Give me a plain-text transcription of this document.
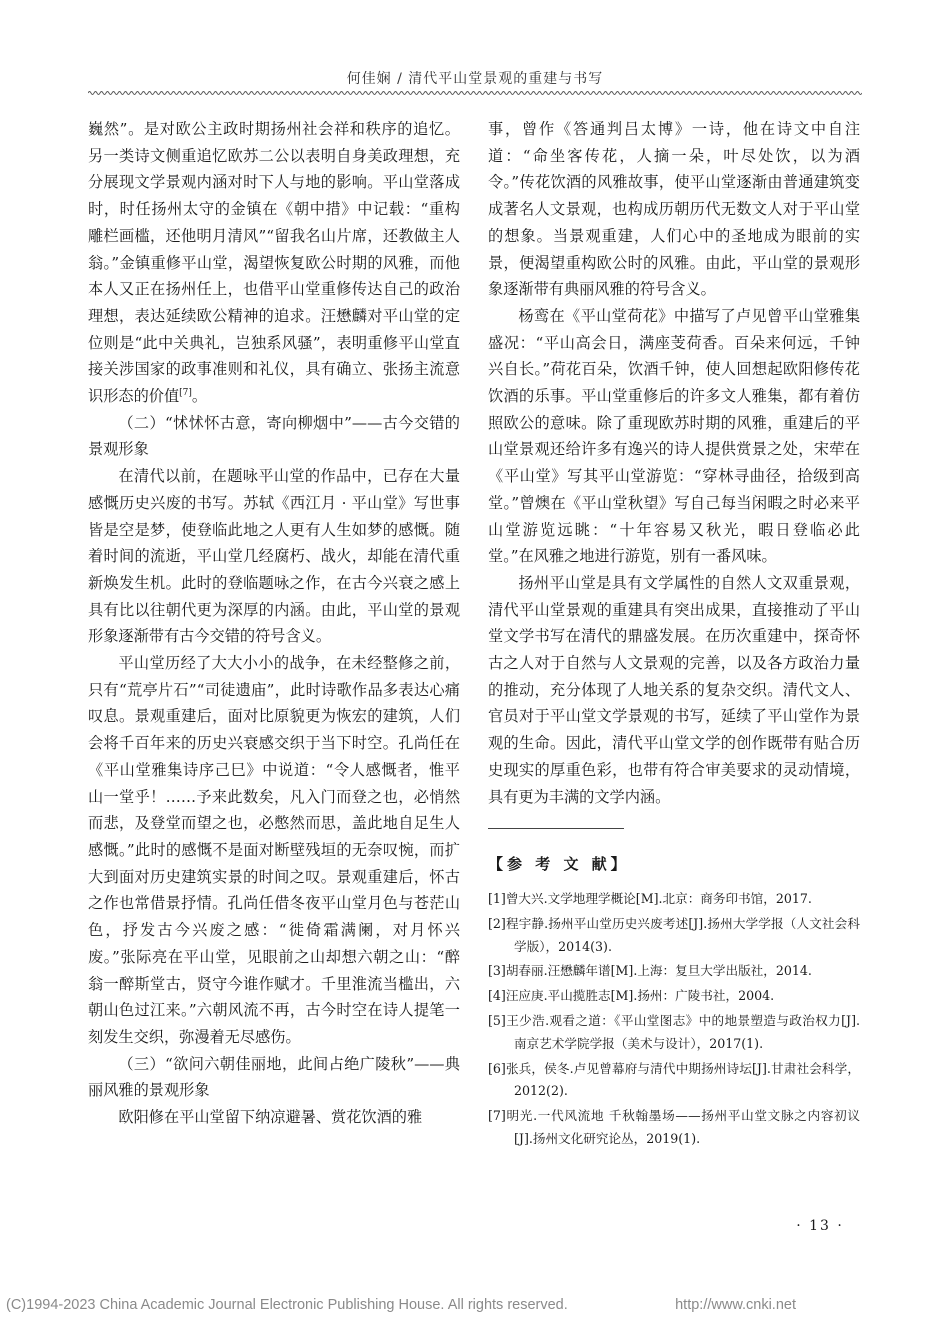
何佳娴 / 清代平山堂景观的重建与书写

巍然”。是对欧公主政时期扬州社会祥和秩序的追忆。另一类诗文侧重追忆欧苏二公以表明自身美政理想，充分展现文学景观内涵对时下人与地的影响。平山堂落成时，时任扬州太守的金镇在《朝中措》中记载：“重构雕栏画槛，还他明月清风”“留我名山片席，还教做主人翁。”金镇重修平山堂，渴望恢复欧公时期的风雅，而他本人又正在扬州任上，也借平山堂重修传达自己的政治理想，表达延续欧公精神的追求。汪懋麟对平山堂的定位则是“此中关典礼，岂独系风骚”，表明重修平山堂直接关涉国家的政事准则和礼仪，具有确立、张扬主流意识形态的价值[7]。

（二）“怵怵怀古意，寄向柳烟中”——古今交错的景观形象

在清代以前，在题咏平山堂的作品中，已存在大量感慨历史兴废的书写。苏轼《西江月 · 平山堂》写世事皆是空是梦，使登临此地之人更有人生如梦的感慨。随着时间的流逝，平山堂几经腐朽、战火，却能在清代重新焕发生机。此时的登临题咏之作，在古今兴衰之感上具有比以往朝代更为深厚的内涵。由此，平山堂的景观形象逐渐带有古今交错的符号含义。

平山堂历经了大大小小的战争，在未经整修之前，只有“荒亭片石”“司徒遗庙”，此时诗歌作品多表达心痛叹息。景观重建后，面对比原貌更为恢宏的建筑，人们会将千百年来的历史兴衰感交织于当下时空。孔尚任在《平山堂雅集诗序己巳》中说道：“令人感慨者，惟平山一堂乎！……予来此数矣，凡入门而登之也，必悄然而悲，及登堂而望之也，必憋然而思，盖此地自足生人感慨。”此时的感慨不是面对断壁残垣的无奈叹惋，而扩大到面对历史建筑实景的时间之叹。景观重建后，怀古之作也常借景抒情。孔尚任借冬夜平山堂月色与苍茫山色，抒发古今兴废之感：“徙倚霜满阑，对月怀兴废。”张际亮在平山堂，见眼前之山却想六朝之山：“醉翁一醉斯堂古，贤守今谁作赋才。千里淮流当槛出，六朝山色过江来。”六朝风流不再，古今时空在诗人提笔一刻发生交织，弥漫着无尽感伤。

（三）“欲问六朝佳丽地，此间占绝广陵秋”——典丽风雅的景观形象

欧阳修在平山堂留下纳凉避暑、赏花饮酒的雅

事，曾作《答通判吕太博》一诗，他在诗文中自注道：“命坐客传花，人摘一朵，叶尽处饮，以为酒令。”传花饮酒的风雅故事，使平山堂逐渐由普通建筑变成著名人文景观，也构成历朝历代无数文人对于平山堂的想象。当景观重建，人们心中的圣地成为眼前的实景，便渴望重构欧公时的风雅。由此，平山堂的景观形象逐渐带有典丽风雅的符号含义。

杨鸾在《平山堂荷花》中描写了卢见曾平山堂雅集盛况：“平山高会日，满座芰荷香。百朵来何远，千钟兴自长。”荷花百朵，饮酒千钟，使人回想起欧阳修传花饮酒的乐事。平山堂重修后的许多文人雅集，都有着仿照欧公的意味。除了重现欧苏时期的风雅，重建后的平山堂景观还给许多有逸兴的诗人提供赏景之处，宋荦在《平山堂》写其平山堂游览：“穿林寻曲径，拾级到高堂。”曾燠在《平山堂秋望》写自己每当闲暇之时必来平山堂游览远眺：“十年容易又秋光，暇日登临必此堂。”在风雅之地进行游览，别有一番风味。

扬州平山堂是具有文学属性的自然人文双重景观，清代平山堂景观的重建具有突出成果，直接推动了平山堂文学书写在清代的鼎盛发展。在历次重建中，探奇怀古之人对于自然与人文景观的完善，以及各方政治力量的推动，充分体现了人地关系的复杂交织。清代文人、官员对于平山堂文学景观的书写，延续了平山堂作为景观的生命。因此，清代平山堂文学的创作既带有贴合历史现实的厚重色彩，也带有符合审美要求的灵动情境，具有更为丰满的文学内涵。

【参 考 文 献】
[1]曾大兴.文学地理学概论[M].北京：商务印书馆，2017.
[2]程宇静.扬州平山堂历史兴废考述[J].扬州大学学报（人文社会科学版），2014(3).
[3]胡春丽.汪懋麟年谱[M].上海：复旦大学出版社，2014.
[4]汪应庚.平山揽胜志[M].扬州：广陵书社，2004.
[5]王少浩.观看之道：《平山堂图志》中的地景塑造与政治权力[J].南京艺术学院学报（美术与设计），2017(1).
[6]张兵，侯冬.卢见曾幕府与清代中期扬州诗坛[J].甘肃社会科学，2012(2).
[7]明光.一代风流地 千秋翰墨场——扬州平山堂文脉之内容初议[J].扬州文化研究论丛，2019(1).
· 13 ·
(C)1994-2023 China Academic Journal Electronic Publishing House. All rights reserved.	http://www.cnki.net
